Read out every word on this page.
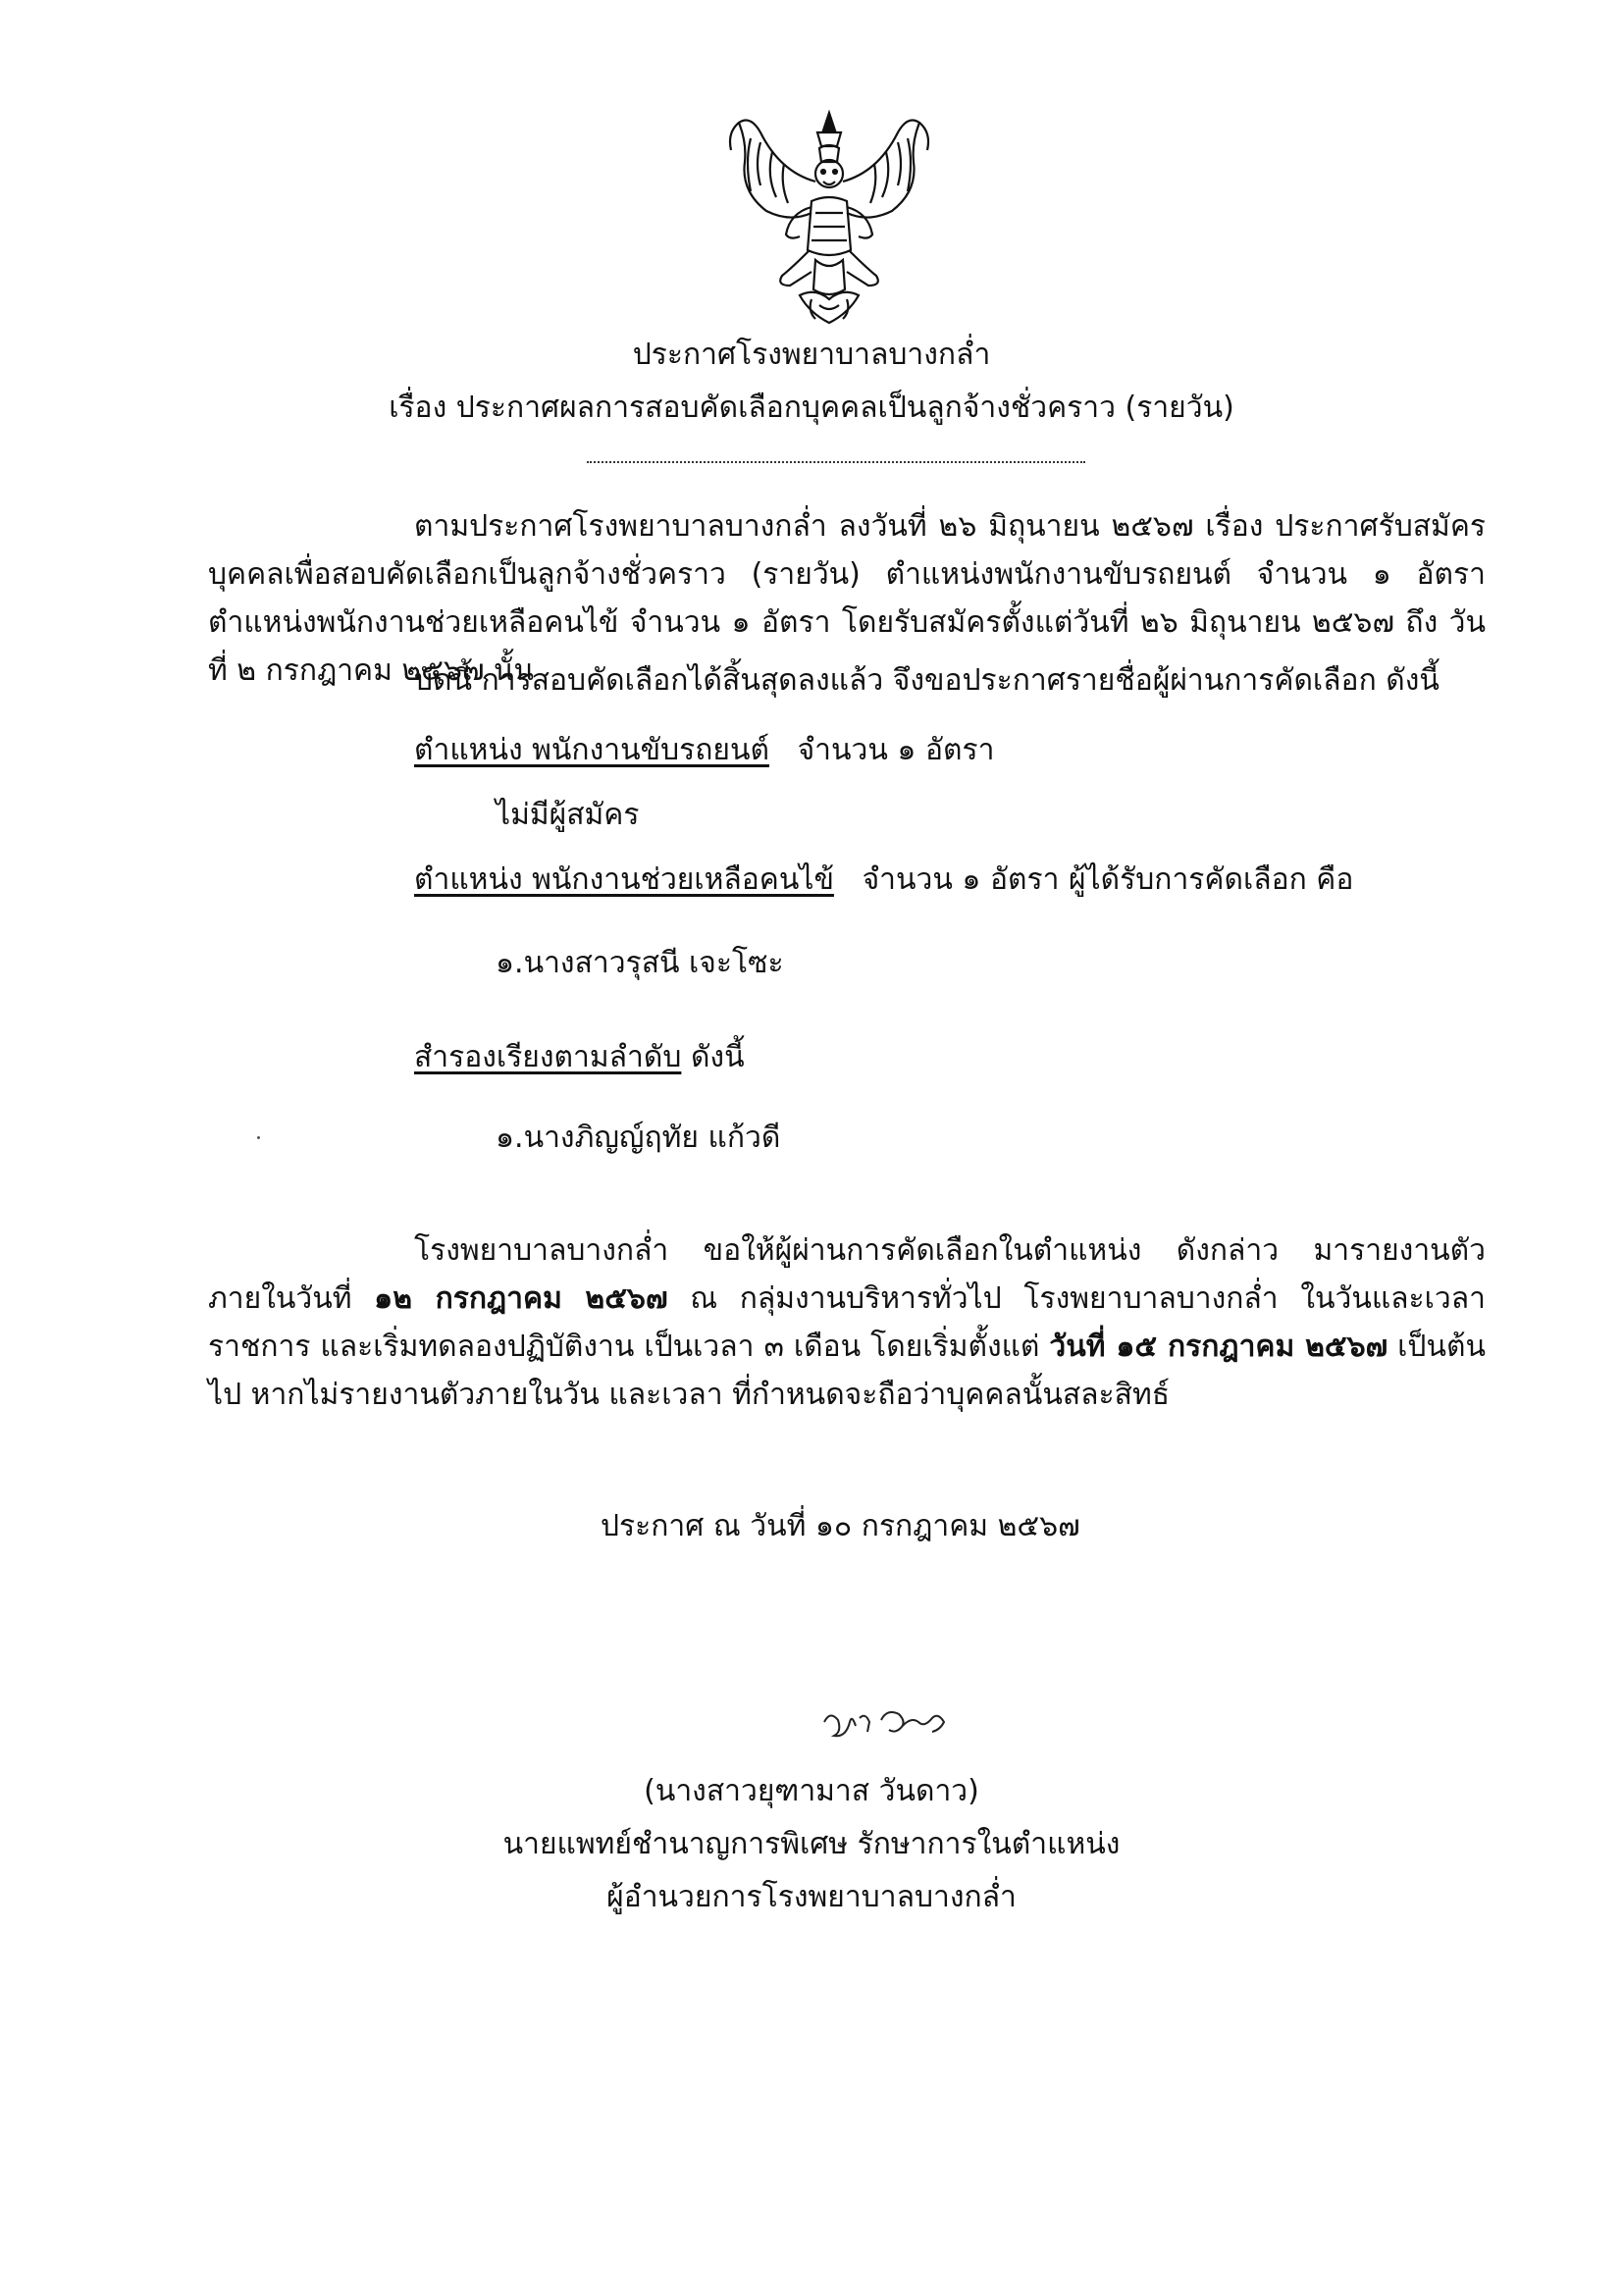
ประกาศโรงพยาบาลบางกล่ำ
เรื่อง ประกาศผลการสอบคัดเลือกบุคคลเป็นลูกจ้างชั่วคราว (รายวัน)
ตามประกาศโรงพยาบาลบางกล่ำ ลงวันที่ ๒๖ มิถุนายน ๒๕๖๗ เรื่อง ประกาศรับสมัครบุคคลเพื่อสอบคัดเลือกเป็นลูกจ้างชั่วคราว (รายวัน) ตำแหน่งพนักงานขับรถยนต์ จำนวน ๑ อัตรา ตำแหน่งพนักงานช่วยเหลือคนไข้ จำนวน ๑ อัตรา โดยรับสมัครตั้งแต่วันที่ ๒๖ มิถุนายน ๒๕๖๗ ถึง วันที่ ๒ กรกฎาคม ๒๕๖๗ นั้น
บัดนี้ การสอบคัดเลือกได้สิ้นสุดลงแล้ว จึงขอประกาศรายชื่อผู้ผ่านการคัดเลือก ดังนี้
ตำแหน่ง พนักงานขับรถยนต์ จำนวน ๑ อัตรา
ไม่มีผู้สมัคร
ตำแหน่ง พนักงานช่วยเหลือคนไข้ จำนวน ๑ อัตรา ผู้ได้รับการคัดเลือก คือ
๑.นางสาวรุสนี เจะโซะ
สำรองเรียงตามลำดับ ดังนี้
๑.นางภิญญ์ฤทัย แก้วดี
โรงพยาบาลบางกล่ำ ขอให้ผู้ผ่านการคัดเลือกในตำแหน่ง ดังกล่าว มารายงานตัว ภายในวันที่ ๑๒ กรกฎาคม ๒๕๖๗ ณ กลุ่มงานบริหารทั่วไป โรงพยาบาลบางกล่ำ ในวันและเวลาราชการ และเริ่มทดลองปฏิบัติงาน เป็นเวลา ๓ เดือน โดยเริ่มตั้งแต่ วันที่ ๑๕ กรกฎาคม ๒๕๖๗ เป็นต้นไป หากไม่รายงานตัวภายในวัน และเวลา ที่กำหนดจะถือว่าบุคคลนั้นสละสิทธ์
ประกาศ ณ วันที่ ๑๐ กรกฎาคม ๒๕๖๗
(นางสาวยุฑามาส วันดาว)
นายแพทย์ชำนาญการพิเศษ รักษาการในตำแหน่ง
ผู้อำนวยการโรงพยาบาลบางกล่ำ
